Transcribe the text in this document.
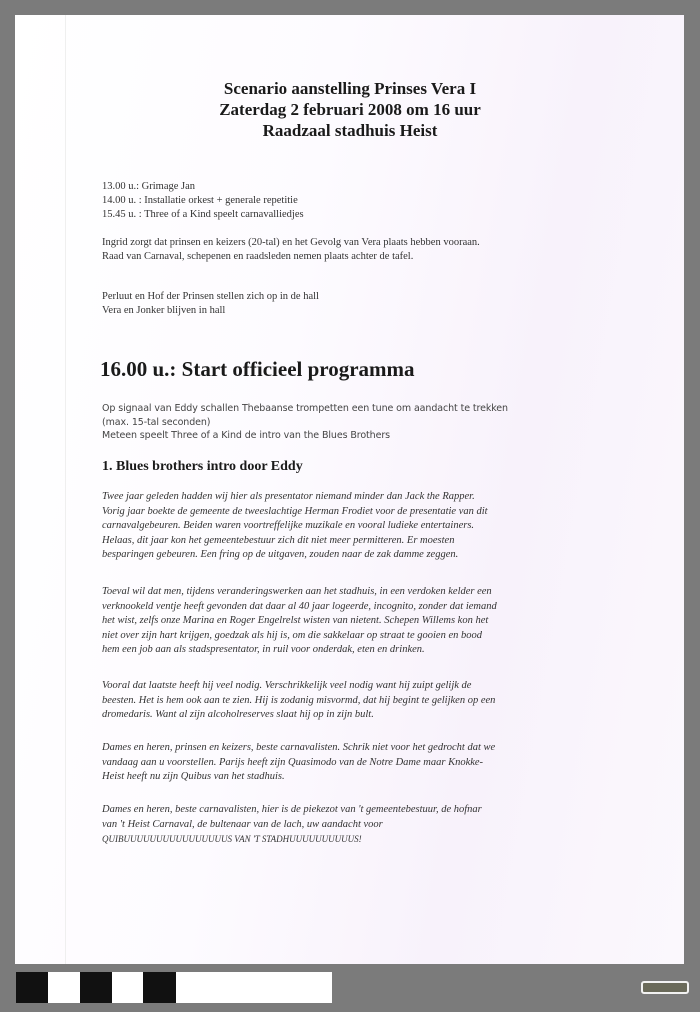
Scenario aanstelling Prinses Vera I
Zaterdag 2 februari 2008 om 16 uur
Raadzaal stadhuis Heist
13.00 u.: Grimage Jan
14.00 u. : Installatie orkest + generale repetitie
15.45 u. : Three of a Kind speelt carnavalliedjes
Ingrid zorgt dat prinsen en keizers (20-tal) en het Gevolg van Vera plaats hebben vooraan.
Raad van Carnaval, schepenen en raadsleden nemen plaats achter de tafel.
Perluut en Hof der Prinsen stellen zich op in de hall
Vera en Jonker blijven in hall
16.00 u.: Start officieel programma
Op signaal van Eddy schallen Thebaanse trompetten een tune om aandacht te trekken
(max. 15-tal seconden)
Meteen speelt Three of a Kind de intro van the Blues Brothers
1. Blues brothers intro door Eddy
Twee jaar geleden hadden wij hier als presentator niemand minder dan Jack the Rapper.
Vorig jaar boekte de gemeente de tweeslachtige Herman Frodiet voor de presentatie van dit
carnavalgebeuren. Beiden waren voortreffelijke muzikale en vooral ludieke entertainers.
Helaas, dit jaar kon het gemeentebestuur zich dit niet meer permitteren. Er moesten
besparingen gebeuren. Een fring op de uitgaven, zouden naar de zak damme zeggen.
Toeval wil dat men, tijdens veranderingswerken aan het stadhuis, in een verdoken kelder een
verknookeld ventje heeft gevonden dat daar al 40 jaar logeerde, incognito, zonder dat iemand
het wist, zelfs onze Marina en Roger Engelrelst wisten van nietent. Schepen Willems kon het
niet over zijn hart krijgen, goedzak als hij is, om die sakkelaar op straat te gooien en bood
hem een job aan als stadspresentator, in ruil voor onderdak, eten en drinken.
Vooral dat laatste heeft hij veel nodig. Verschrikkelijk veel nodig want hij zuipt gelijk de
beesten. Het is hem ook aan te zien. Hij is zodanig misvormd, dat hij begint te gelijken op een
dromedaris. Want al zijn alcoholreserves slaat hij op in zijn bult.
Dames en heren, prinsen en keizers, beste carnavalisten. Schrik niet voor het gedrocht dat we
vandaag aan u voorstellen. Parijs heeft zijn Quasimodo van de Notre Dame maar Knokke-
Heist heeft nu zijn Quibus van het stadhuis.
Dames en heren, beste carnavalisten, hier is de piekezot van 't gemeentebestuur, de hofnar
van 't Heist Carnaval, de bultenaar van de lach, uw aandacht voor
QUIBUUUUUUUUUUUUUUUUS VAN 'T STADHUUUUUUUUUUS!
